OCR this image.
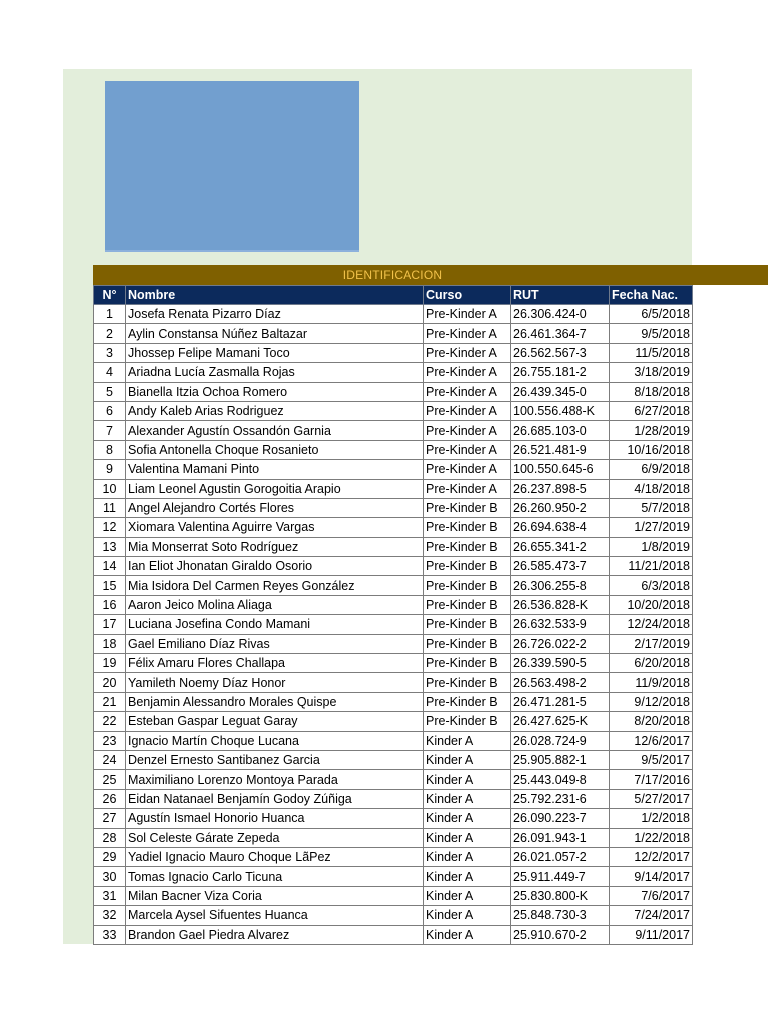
IDENTIFICACION
N°	Nombre	Curso	RUT	Fecha Nac.
1	Josefa Renata Pizarro Díaz	Pre-Kinder A	26.306.424-0	6/5/2018
2	Aylin Constansa Núñez Baltazar	Pre-Kinder A	26.461.364-7	9/5/2018
3	Jhossep Felipe Mamani Toco	Pre-Kinder A	26.562.567-3	11/5/2018
4	Ariadna Lucía Zasmalla Rojas	Pre-Kinder A	26.755.181-2	3/18/2019
5	Bianella Itzia Ochoa Romero	Pre-Kinder A	26.439.345-0	8/18/2018
6	Andy Kaleb Arias Rodriguez	Pre-Kinder A	100.556.488-K	6/27/2018
7	Alexander Agustín Ossandón Garnia	Pre-Kinder A	26.685.103-0	1/28/2019
8	Sofia Antonella Choque Rosanieto	Pre-Kinder A	26.521.481-9	10/16/2018
9	Valentina Mamani Pinto	Pre-Kinder A	100.550.645-6	6/9/2018
10	Liam Leonel Agustin Gorogoitia Arapio	Pre-Kinder A	26.237.898-5	4/18/2018
11	Angel Alejandro Cortés Flores	Pre-Kinder B	26.260.950-2	5/7/2018
12	Xiomara Valentina Aguirre Vargas	Pre-Kinder B	26.694.638-4	1/27/2019
13	Mia Monserrat Soto Rodríguez	Pre-Kinder B	26.655.341-2	1/8/2019
14	Ian Eliot Jhonatan Giraldo Osorio	Pre-Kinder B	26.585.473-7	11/21/2018
15	Mia Isidora Del Carmen Reyes González	Pre-Kinder B	26.306.255-8	6/3/2018
16	Aaron Jeico Molina Aliaga	Pre-Kinder B	26.536.828-K	10/20/2018
17	Luciana Josefina Condo Mamani	Pre-Kinder B	26.632.533-9	12/24/2018
18	Gael Emiliano Díaz Rivas	Pre-Kinder B	26.726.022-2	2/17/2019
19	Félix Amaru Flores Challapa	Pre-Kinder B	26.339.590-5	6/20/2018
20	Yamileth Noemy Díaz Honor	Pre-Kinder B	26.563.498-2	11/9/2018
21	Benjamin Alessandro Morales Quispe	Pre-Kinder B	26.471.281-5	9/12/2018
22	Esteban Gaspar Leguat Garay	Pre-Kinder B	26.427.625-K	8/20/2018
23	Ignacio Martín Choque Lucana	Kinder A	26.028.724-9	12/6/2017
24	Denzel Ernesto Santibanez Garcia	Kinder A	25.905.882-1	9/5/2017
25	Maximiliano Lorenzo Montoya Parada	Kinder A	25.443.049-8	7/17/2016
26	Eidan Natanael Benjamín Godoy Zúñiga	Kinder A	25.792.231-6	5/27/2017
27	Agustín Ismael Honorio Huanca	Kinder A	26.090.223-7	1/2/2018
28	Sol Celeste Gárate Zepeda	Kinder A	26.091.943-1	1/22/2018
29	Yadiel Ignacio Mauro Choque LãPez	Kinder A	26.021.057-2	12/2/2017
30	Tomas Ignacio Carlo Ticuna	Kinder A	25.911.449-7	9/14/2017
31	Milan Bacner Viza Coria	Kinder A	25.830.800-K	7/6/2017
32	Marcela Aysel Sifuentes Huanca	Kinder A	25.848.730-3	7/24/2017
33	Brandon Gael Piedra Alvarez	Kinder A	25.910.670-2	9/11/2017
